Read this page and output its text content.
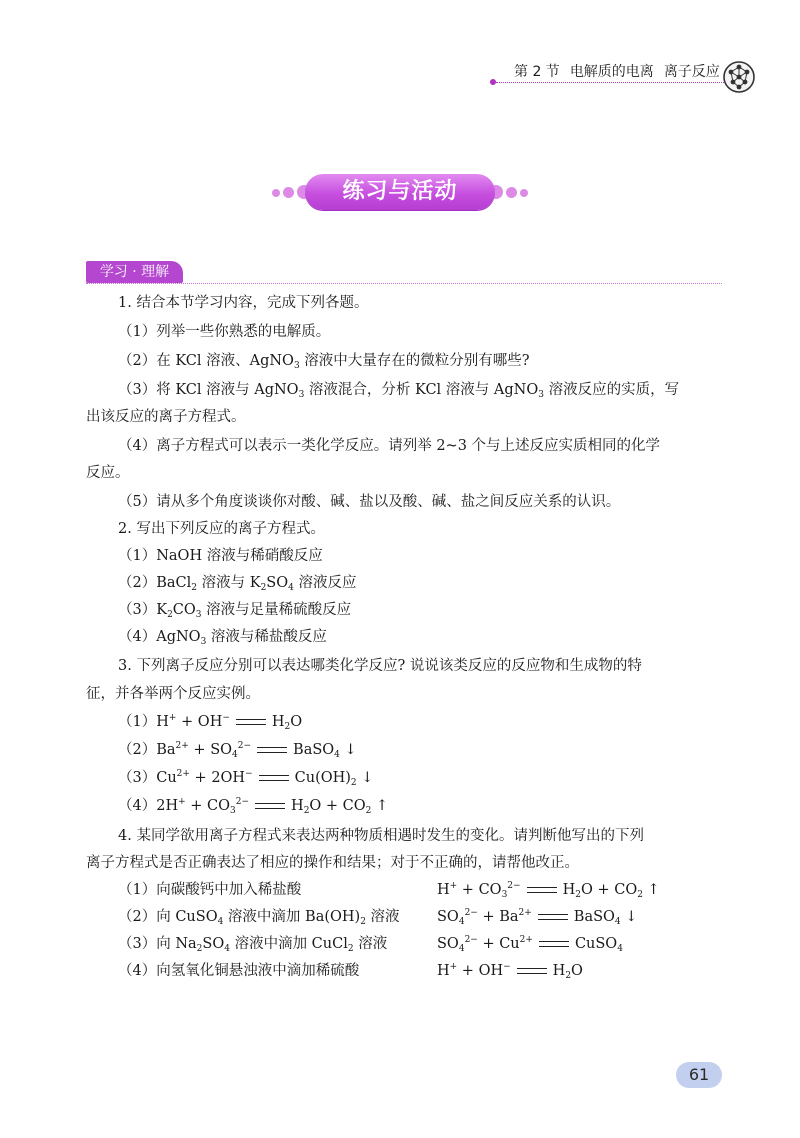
第 2 节 电解质的电离 离子反应
练习与活动
学习 · 理解
1. 结合本节学习内容，完成下列各题。
（1）列举一些你熟悉的电解质。
（2）在 KCl 溶液、AgNO$_3$ 溶液中大量存在的微粒分别有哪些?
（3）将 KCl 溶液与 AgNO$_3$ 溶液混合，分析 KCl 溶液与 AgNO$_3$ 溶液反应的实质，写
出该反应的离子方程式。
（4）离子方程式可以表示一类化学反应。请列举 2~3 个与上述反应实质相同的化学
反应。
（5）请从多个角度谈谈你对酸、碱、盐以及酸、碱、盐之间反应关系的认识。
2. 写出下列反应的离子方程式。
（1）NaOH 溶液与稀硝酸反应
（2）BaCl$_2$ 溶液与 $K_2SO_4$ 溶液反应
$(3)K_2CO_3$ 溶液与足量稀硫酸反应
（4）AgNO$_3$ 溶液与稀盐酸反应
3. 下列离子反应分别可以表达哪类化学反应? 说说该类反应的反应物和生成物的特
征，并各举两个反应实例。
（1）H+ + OH−	$H_2O$
$(2)Ba^{2+} + SO_4^{2-}$	BaSO$_4$ ↓
$(3)Cu^{2+} + 2OH^-$	$Cu(OH)_2$ ↓
$(4)2H^+ + CO_3^{2-}$	$H_2O + CO_2$ ↑
4. 某同学欲用离子方程式来表达两种物质相遇时发生的变化。请判断他写出的下列
离子方程式是否正确表达了相应的操作和结果；对于不正确的，请帮他改正。
（1）向碳酸钙中加入稀盐酸	$H^+ + CO_3^{2-}$	$H_2O + CO_2$ ↑
（2）向 CuSO$_4$ 溶液中滴加 $Ba(OH)_2$ 溶液	$SO_4^{2-} + Ba^{2+}$	BaSO$_4$ ↓
（3）向 $Na_2SO_4$ 溶液中滴加 CuCl$_2$ 溶液	$SO_4^{2-} + Cu^{2+}$	CuSO$_4$
（4）向氢氧化铜悬浊液中滴加稀硫酸	H+ + OH−	$H_2O$
61
